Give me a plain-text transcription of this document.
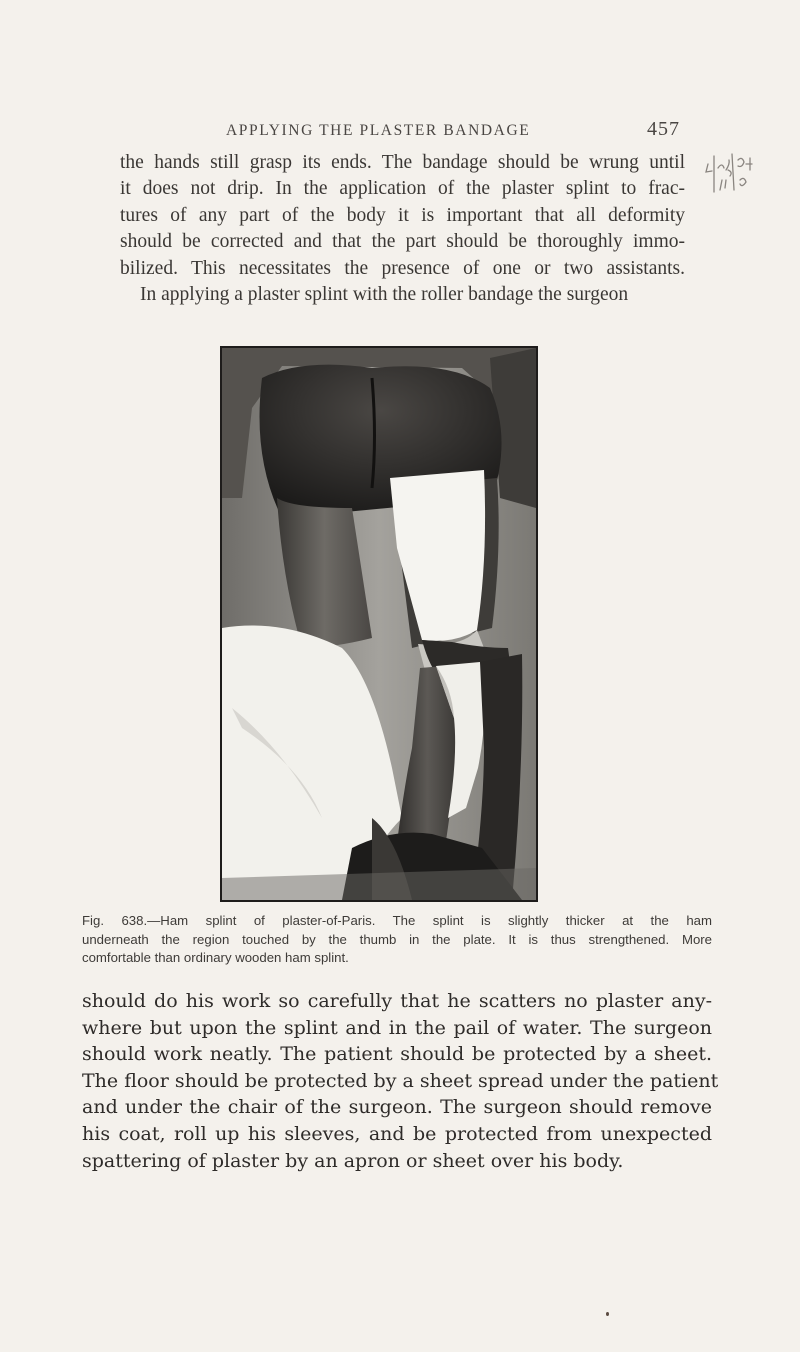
APPLYING THE PLASTER BANDAGE	457
the hands still grasp its ends. The bandage should be wrung until
it does not drip. In the application of the plaster splint to frac-
tures of any part of the body it is important that all deformity
should be corrected and that the part should be thoroughly immo-
bilized. This necessitates the presence of one or two assistants.
In applying a plaster splint with the roller bandage the surgeon
Fig. 638.—Ham splint of plaster-of-Paris. The splint is slightly thicker at the ham
underneath the region touched by the thumb in the plate. It is thus strengthened. More
comfortable than ordinary wooden ham splint.
should do his work so carefully that he scatters no plaster any-
where but upon the splint and in the pail of water. The surgeon
should work neatly. The patient should be protected by a sheet.
The floor should be protected by a sheet spread under the patient
and under the chair of the surgeon. The surgeon should remove
his coat, roll up his sleeves, and be protected from unexpected
spattering of plaster by an apron or sheet over his body.
